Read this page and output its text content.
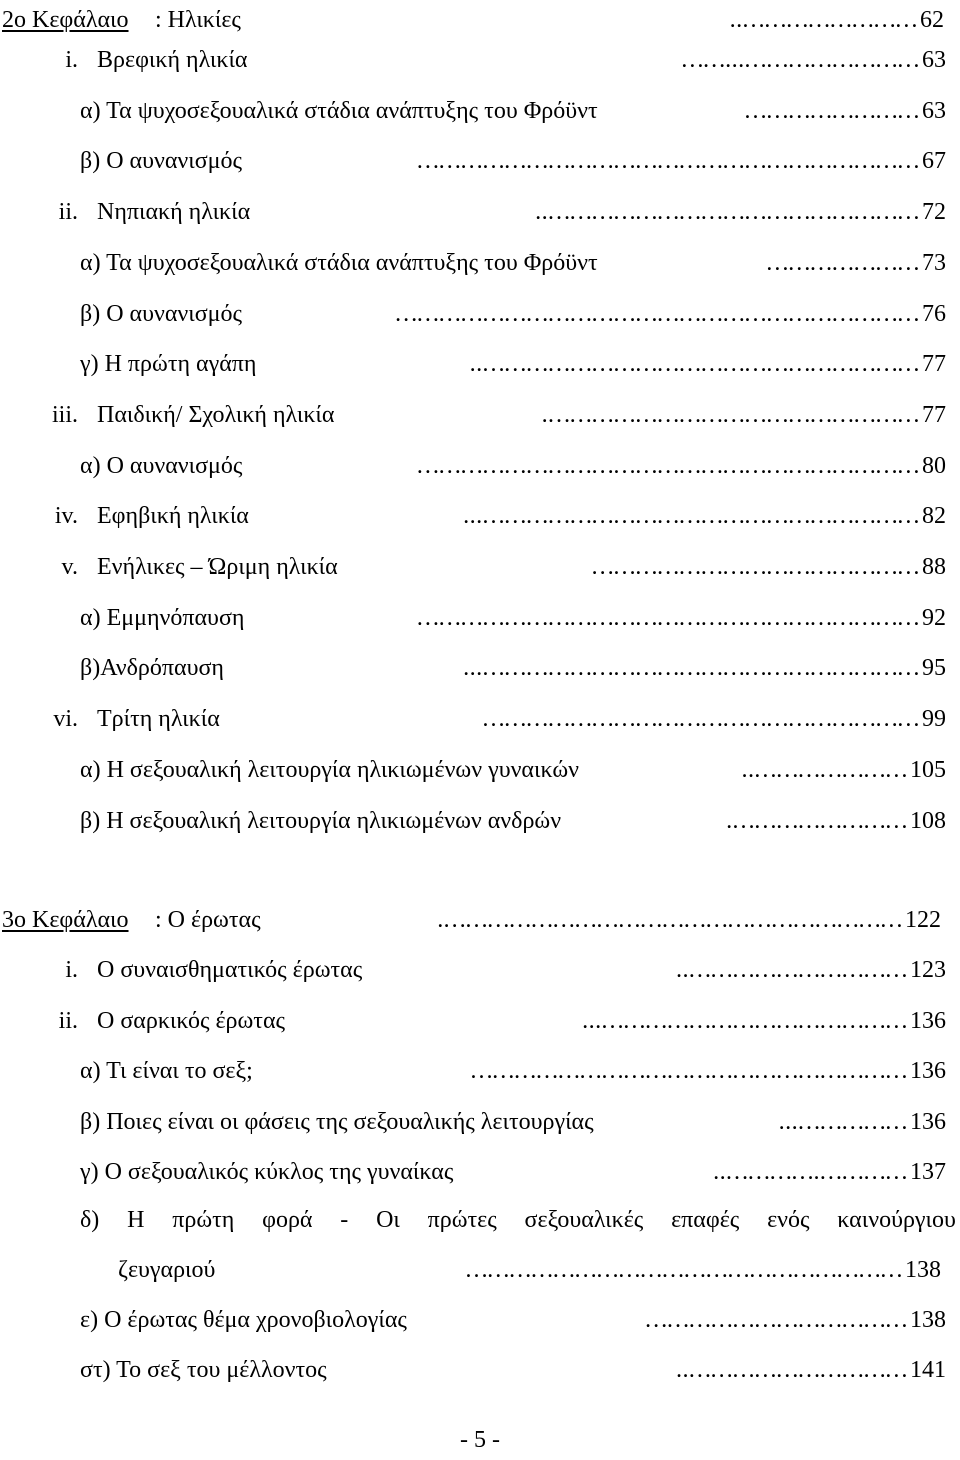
2ο Κεφάλαιο : Ηλικίες	…………………….. 62
i. Βρεφική ηλικία	……………………...…… 63
α) Τα ψυχοσεξουαλικά στάδια ανάπτυξης του Φρόϋντ	…………………… 63
β) Ο αυνανισμός	…………………………………………………………… 67
ii. Νηπιακή ηλικία	…………………………………………….. 72
α) Τα ψυχοσεξουαλικά στάδια ανάπτυξης του Φρόϋντ	………………… 73
β) Ο αυνανισμός	……………………………………………………………… 76
γ) Η πρώτη αγάπη	…………………………………………………….. 77
iii. Παιδική/ Σχολική ηλικία	……………………………………………. 77
α) Ο αυνανισμός	…………………………………………………………… 80
iv. Εφηβική ηλικία	……………………………………………………... 82
v. Ενήλικες – Ώριμη ηλικία	……………………………………… 88
α) Εμμηνόπαυση	…………………………………………………………… 92
β)Ανδρόπαυση	……………………………………………………... 95
vi. Τρίτη ηλικία	…………………………………………………… 99
α) Η σεξουαλική λειτουργία ηλικιωμένων γυναικών	………………….. 105
β) Η σεξουαλική λειτουργία ηλικιωμένων ανδρών	……………………. 108
3ο Κεφάλαιο : Ο έρωτας	………………………………………………………. 122
i. Ο συναισθηματικός έρωτας	………………………….. 123
ii. Ο σαρκικός έρωτας	……………………………………... 136
α) Τι είναι το σεξ;	…………………………………………………… 136
β) Ποιες είναι οι φάσεις της σεξουαλικής λειτουργίας	……………... 136
γ) Ο σεξουαλικός κύκλος της γυναίκας	………….………….. 137
δ) Η πρώτη φορά - Οι πρώτες σεξουαλικές επαφές ενός καινούργιου
ζευγαριού	…………………………………………………… 138
ε) Ο έρωτας θέμα χρονοβιολογίας	……………………………… 138
στ) Το σεξ του μέλλοντος	………………………….. 141
- 5 -
